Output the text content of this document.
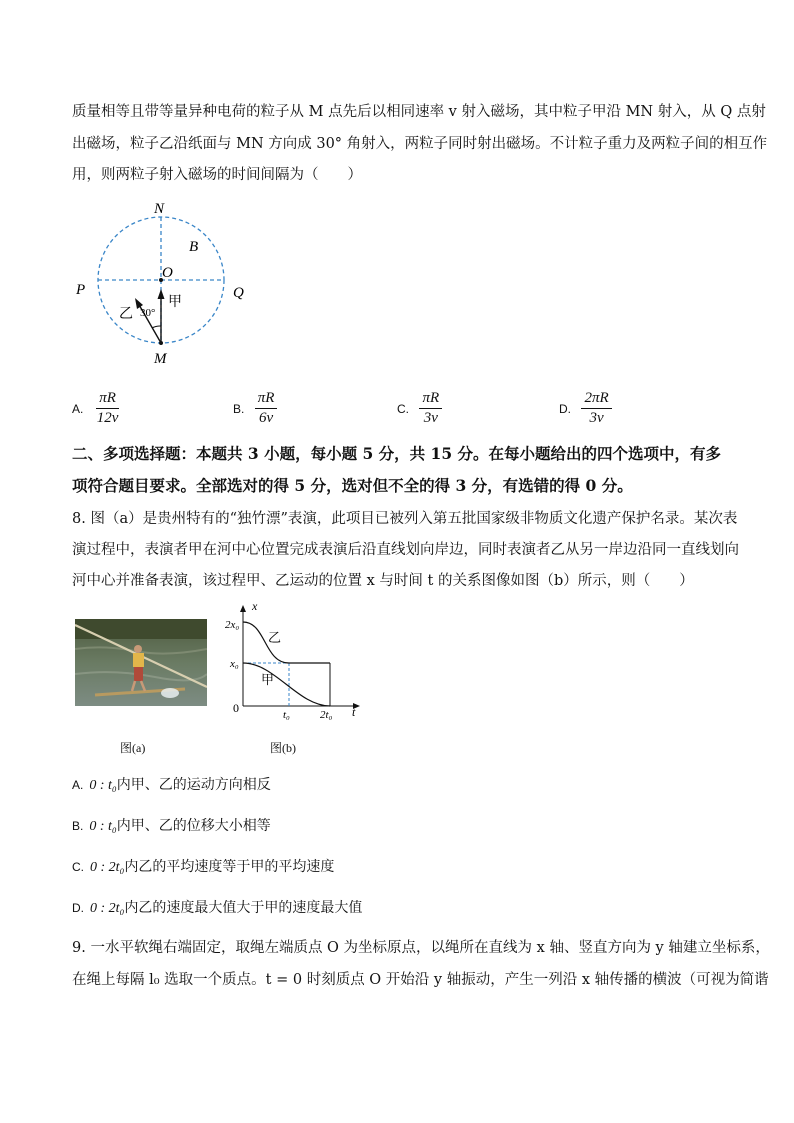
质量相等且带等量异种电荷的粒子从 M 点先后以相同速率 v 射入磁场，其中粒子甲沿 MN 射入，从 Q 点射
出磁场，粒子乙沿纸面与 MN 方向成 30° 角射入，两粒子同时射出磁场。不计粒子重力及两粒子间的相互作
用，则两粒子射入磁场的时间间隔为（　　）
N
B
O
P	Q
M
甲
乙 30°
A. $\frac{\pi R}{12v}$	B. $\frac{\pi R}{6v}$	C. $\frac{\pi R}{3v}$	D. $\frac{2\pi R}{3v}$
二、多项选择题：本题共 3 小题，每小题 5 分，共 15 分。在每小题给出的四个选项中，有多
项符合题目要求。全部选对的得 5 分，选对但不全的得 3 分，有选错的得 0 分。
8. 图（a）是贵州特有的“独竹漂”表演，此项目已被列入第五批国家级非物质文化遗产保护名录。某次表
演过程中，表演者甲在河中心位置完成表演后沿直线划向岸边，同时表演者乙从另一岸边沿同一直线划向
河中心并准备表演，该过程甲、乙运动的位置 x 与时间 t 的关系图像如图（b）所示，则（　　）
图(a)
x
t
0
2x₀
x₀
t₀	2t₀
乙
甲
图(b)
A. 0 : t₀内甲、乙的运动方向相反
B. 0 : t₀内甲、乙的位移大小相等
C. 0 : 2t₀内乙的平均速度等于甲的平均速度
D. 0 : 2t₀内乙的速度最大值大于甲的速度最大值
9. 一水平软绳右端固定，取绳左端质点 O 为坐标原点，以绳所在直线为 x 轴、竖直方向为 y 轴建立坐标系，
在绳上每隔 l₀ 选取一个质点。t = 0 时刻质点 O 开始沿 y 轴振动，产生一列沿 x 轴传播的横波（可视为简谐
